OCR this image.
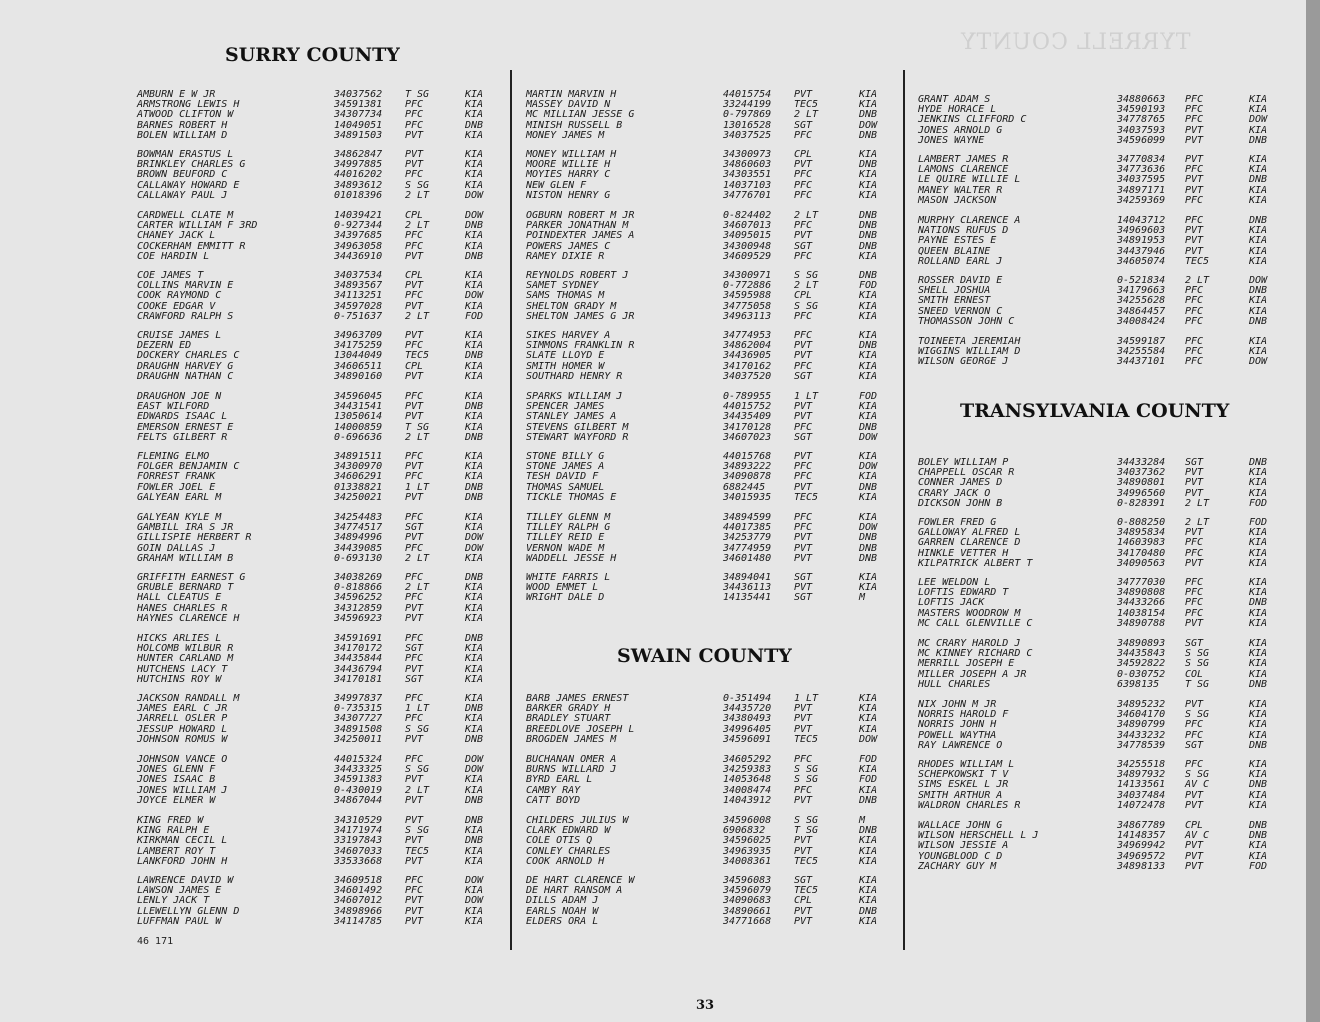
TYRRELL COUNTY
AMBURN E W JR	34037562 T SG	KIA
ARMSTRONG LEWIS H	34591381 PFC	KIA
ATWOOD CLIFTON W	34307734 PFC	KIA
BARNES ROBERT H	14049051 PFC	DNB
BOLEN WILLIAM D	34891503 PVT	KIA
BOWMAN ERASTUS L	34862847 PVT	KIA
BRINKLEY CHARLES G	34997885 PVT	KIA
BROWN BEUFORD C	44016202 PFC	KIA
CALLAWAY HOWARD E	34893612 S SG	KIA
CALLAWAY PAUL J	01018396 2 LT	DOW
CARDWELL CLATE M	14039421 CPL	DOW
CARTER WILLIAM F 3RD	0-927344 2 LT	DNB
CHANEY JACK L	34397685 PFC	KIA
COCKERHAM EMMITT R	34963058 PFC	KIA
COE HARDIN L	34436910 PVT	DNB
COE JAMES T	34037534 CPL	KIA
COLLINS MARVIN E	34893567 PVT	KIA
COOK RAYMOND C	34113251 PFC	DOW
COOKE EDGAR V	34597028 PVT	KIA
CRAWFORD RALPH S	0-751637 2 LT	FOD
CRUISE JAMES L	34963709 PVT	KIA
DEZERN ED	34175259 PFC	KIA
DOCKERY CHARLES C	13044049 TEC5	DNB
DRAUGHN HARVEY G	34606511 CPL	KIA
DRAUGHN NATHAN C	34890160 PVT	KIA
DRAUGHON JOE N	34596045 PFC	KIA
EAST WILFORD	34431541 PVT	DNB
EDWARDS ISAAC L	13050614 PVT	KIA
EMERSON ERNEST E	14000859 T SG	KIA
FELTS GILBERT R	0-696636 2 LT	DNB
FLEMING ELMO	34891511 PFC	KIA
FOLGER BENJAMIN C	34300970 PVT	KIA
FORREST FRANK	34606291 PFC	KIA
FOWLER JOEL E	01338821 1 LT	DNB
GALYEAN EARL M	34250021 PVT	DNB
GALYEAN KYLE M	34254483 PFC	KIA
GAMBILL IRA S JR	34774517 SGT	KIA
GILLISPIE HERBERT R	34894996 PVT	DOW
GOIN DALLAS J	34439085 PFC	DOW
GRAHAM WILLIAM B	0-693130 2 LT	KIA
GRIFFITH EARNEST G	34038269 PFC	DNB
GRUBLE BERNARD T	0-818866 2 LT	KIA
HALL CLEATUS E	34596252 PFC	KIA
HANES CHARLES R	34312859 PVT	KIA
HAYNES CLARENCE H	34596923 PVT	KIA
HICKS ARLIES L	34591691 PFC	DNB
HOLCOMB WILBUR R	34170172 SGT	KIA
HUNTER CARLAND M	34435844 PFC	KIA
HUTCHENS LACY T	34436794 PVT	KIA
HUTCHINS ROY W	34170181 SGT	KIA
JACKSON RANDALL M	34997837 PFC	KIA
JAMES EARL C JR	0-735315 1 LT	DNB
JARRELL OSLER P	34307727 PFC	KIA
JESSUP HOWARD L	34891508 S SG	KIA
JOHNSON ROMUS W	34250011 PVT	DNB
JOHNSON VANCE O	44015324 PFC	DOW
JONES GLENN F	34433325 S SG	DOW
JONES ISAAC B	34591383 PVT	KIA
JONES WILLIAM J	0-430019 2 LT	KIA
JOYCE ELMER W	34867044 PVT	DNB
KING FRED W	34310529 PVT	DNB
KING RALPH E	34171974 S SG	KIA
KIRKMAN CECIL L	33197843 PVT	DNB
LAMBERT ROY T	34607033 TEC5	KIA
LANKFORD JOHN H	33533668 PVT	KIA
LAWRENCE DAVID W	34609518 PFC	DOW
LAWSON JAMES E	34601492 PFC	KIA
LENLY JACK T	34607012 PVT	DOW
LLEWELLYN GLENN D	34898966 PVT	KIA
LUFFMAN PAUL W	34114785 PVT	KIA
MARTIN MARVIN H	44015754 PVT	KIA
MASSEY DAVID N	33244199 TEC5	KIA
MC MILLIAN JESSE G	0-797869 2 LT	DNB
MINISH RUSSELL B	13016528 SGT	DOW
MONEY JAMES M	34037525 PFC	DNB
MONEY WILLIAM H	34300973 CPL	KIA
MOORE WILLIE H	34860603 PVT	DNB
MOYIES HARRY C	34303551 PFC	KIA
NEW GLEN F	14037103 PFC	KIA
NISTON HENRY G	34776701 PFC	KIA
OGBURN ROBERT M JR	0-824402 2 LT	DNB
PARKER JONATHAN M	34607013 PFC	DNB
POINDEXTER JAMES A	34095015 PVT	DNB
POWERS JAMES C	34300948 SGT	DNB
RAMEY DIXIE R	34609529 PFC	KIA
REYNOLDS ROBERT J	34300971 S SG	DNB
SAMET SYDNEY	0-772886 2 LT	FOD
SAMS THOMAS M	34595988 CPL	KIA
SHELTON GRADY M	34775058 S SG	KIA
SHELTON JAMES G JR	34963113 PFC	KIA
SIKES HARVEY A	34774953 PFC	KIA
SIMMONS FRANKLIN R	34862004 PVT	DNB
SLATE LLOYD E	34436905 PVT	KIA
SMITH HOMER W	34170162 PFC	KIA
SOUTHARD HENRY R	34037520 SGT	KIA
SPARKS WILLIAM J	0-789955 1 LT	FOD
SPENCER JAMES	44015752 PVT	KIA
STANLEY JAMES A	34435409 PVT	KIA
STEVENS GILBERT M	34170128 PFC	DNB
STEWART WAYFORD R	34607023 SGT	DOW
STONE BILLY G	44015768 PVT	KIA
STONE JAMES A	34893222 PFC	DOW
TESH DAVID F	34090878 PFC	KIA
THOMAS SAMUEL	6882445	PVT	DNB
TICKLE THOMAS E	34015935 TEC5	KIA
TILLEY GLENN M	34894599 PFC	KIA
TILLEY RALPH G	44017385 PFC	DOW
TILLEY REID E	34253779 PVT	DNB
VERNON WADE M	34774959 PVT	DNB
WADDELL JESSE H	34601480 PVT	DNB
WHITE FARRIS L	34894041 SGT	KIA
WOOD EMMET L	34436113 PVT	KIA
WRIGHT DALE D	14135441 SGT	M
BARB JAMES ERNEST	0-351494 1 LT	KIA
BARKER GRADY H	34435720 PVT	KIA
BRADLEY STUART	34380493 PVT	KIA
BREEDLOVE JOSEPH L	34996405 PVT	KIA
BROGDEN JAMES M	34596091 TEC5	DOW
BUCHANAN OMER A	34605292 PFC	FOD
BURNS WILLARD J	34259383 S SG	KIA
BYRD EARL L	14053648 S SG	FOD
CAMBY RAY	34008474 PFC	KIA
CATT BOYD	14043912 PVT	DNB
CHILDERS JULIUS W	34596008 S SG	M
CLARK EDWARD W	6906832	T SG	DNB
COLE OTIS Q	34596025 PVT	KIA
CONLEY CHARLES	34963935 PVT	KIA
COOK ARNOLD H	34008361 TEC5	KIA
DE HART CLARENCE W	34596083 SGT	KIA
DE HART RANSOM A	34596079 TEC5	KIA
DILLS ADAM J	34090683 CPL	KIA
EARLS NOAH W	34890661 PVT	DNB
ELDERS ORA L	34771668 PVT	KIA
GRANT ADAM S	34880663 PFC	KIA
HYDE HORACE L	34590193 PFC	KIA
JENKINS CLIFFORD C	34778765 PFC	DOW
JONES ARNOLD G	34037593 PVT	KIA
JONES WAYNE	34596099 PVT	DNB
LAMBERT JAMES R	34770834 PVT	KIA
LAMONS CLARENCE	34773636 PFC	KIA
LE QUIRE WILLIE L	34037595 PVT	DNB
MANEY WALTER R	34897171 PVT	KIA
MASON JACKSON	34259369 PFC	KIA
MURPHY CLARENCE A	14043712 PFC	DNB
NATIONS RUFUS D	34969603 PVT	KIA
PAYNE ESTES E	34891953 PVT	KIA
QUEEN BLAINE	34437946 PVT	KIA
ROLLAND EARL J	34605074 TEC5	KIA
ROSSER DAVID E	0-521834 2 LT	DOW
SHELL JOSHUA	34179663 PFC	DNB
SMITH ERNEST	34255628 PFC	KIA
SNEED VERNON C	34864457 PFC	KIA
THOMASSON JOHN C	34008424 PFC	DNB
TOINEETA JEREMIAH	34599187 PFC	KIA
WIGGINS WILLIAM D	34255584 PFC	KIA
WILSON GEORGE J	34437101 PFC	DOW
BOLEY WILLIAM P	34433284 SGT	DNB
CHAPPELL OSCAR R	34037362 PVT	KIA
CONNER JAMES D	34890801 PVT	KIA
CRARY JACK O	34996560 PVT	KIA
DICKSON JOHN B	0-828391 2 LT	FOD
FOWLER FRED G	0-808250 2 LT	FOD
GALLOWAY ALFRED L	34895834 PVT	KIA
GARREN CLARENCE D	14603983 PFC	KIA
HINKLE VETTER H	34170480 PFC	KIA
KILPATRICK ALBERT T	34090563 PVT	KIA
LEE WELDON L	34777030 PFC	KIA
LOFTIS EDWARD T	34890808 PFC	KIA
LOFTIS JACK	34433266 PFC	DNB
MASTERS WOODROW M	14038154 PFC	KIA
MC CALL GLENVILLE C	34890788 PVT	KIA
MC CRARY HAROLD J	34890893 SGT	KIA
MC KINNEY RICHARD C	34435843 S SG	KIA
MERRILL JOSEPH E	34592822 S SG	KIA
MILLER JOSEPH A JR	0-030752 COL	KIA
HULL CHARLES	6398135	T SG	DNB
NIX JOHN M JR	34895232 PVT	KIA
NORRIS HAROLD F	34604170 S SG	KIA
NORRIS JOHN H	34890799 PFC	KIA
POWELL WAYTHA	34433232 PFC	KIA
RAY LAWRENCE O	34778539 SGT	DNB
RHODES WILLIAM L	34255518 PFC	KIA
SCHEPKOWSKI T V	34897932 S SG	KIA
SIMS ESKEL L JR	14133561 AV C	DNB
SMITH ARTHUR A	34037484 PVT	KIA
WALDRON CHARLES R	14072478 PVT	KIA
WALLACE JOHN G	34867789 CPL	DNB
WILSON HERSCHELL L J	14148357 AV C	DNB
WILSON JESSIE A	34969942 PVT	KIA
YOUNGBLOOD C D	34969572 PVT	KIA
ZACHARY GUY M	34898133 PVT	FOD
SURRY COUNTY
SWAIN COUNTY
TRANSYLVANIA COUNTY
46 171
33
